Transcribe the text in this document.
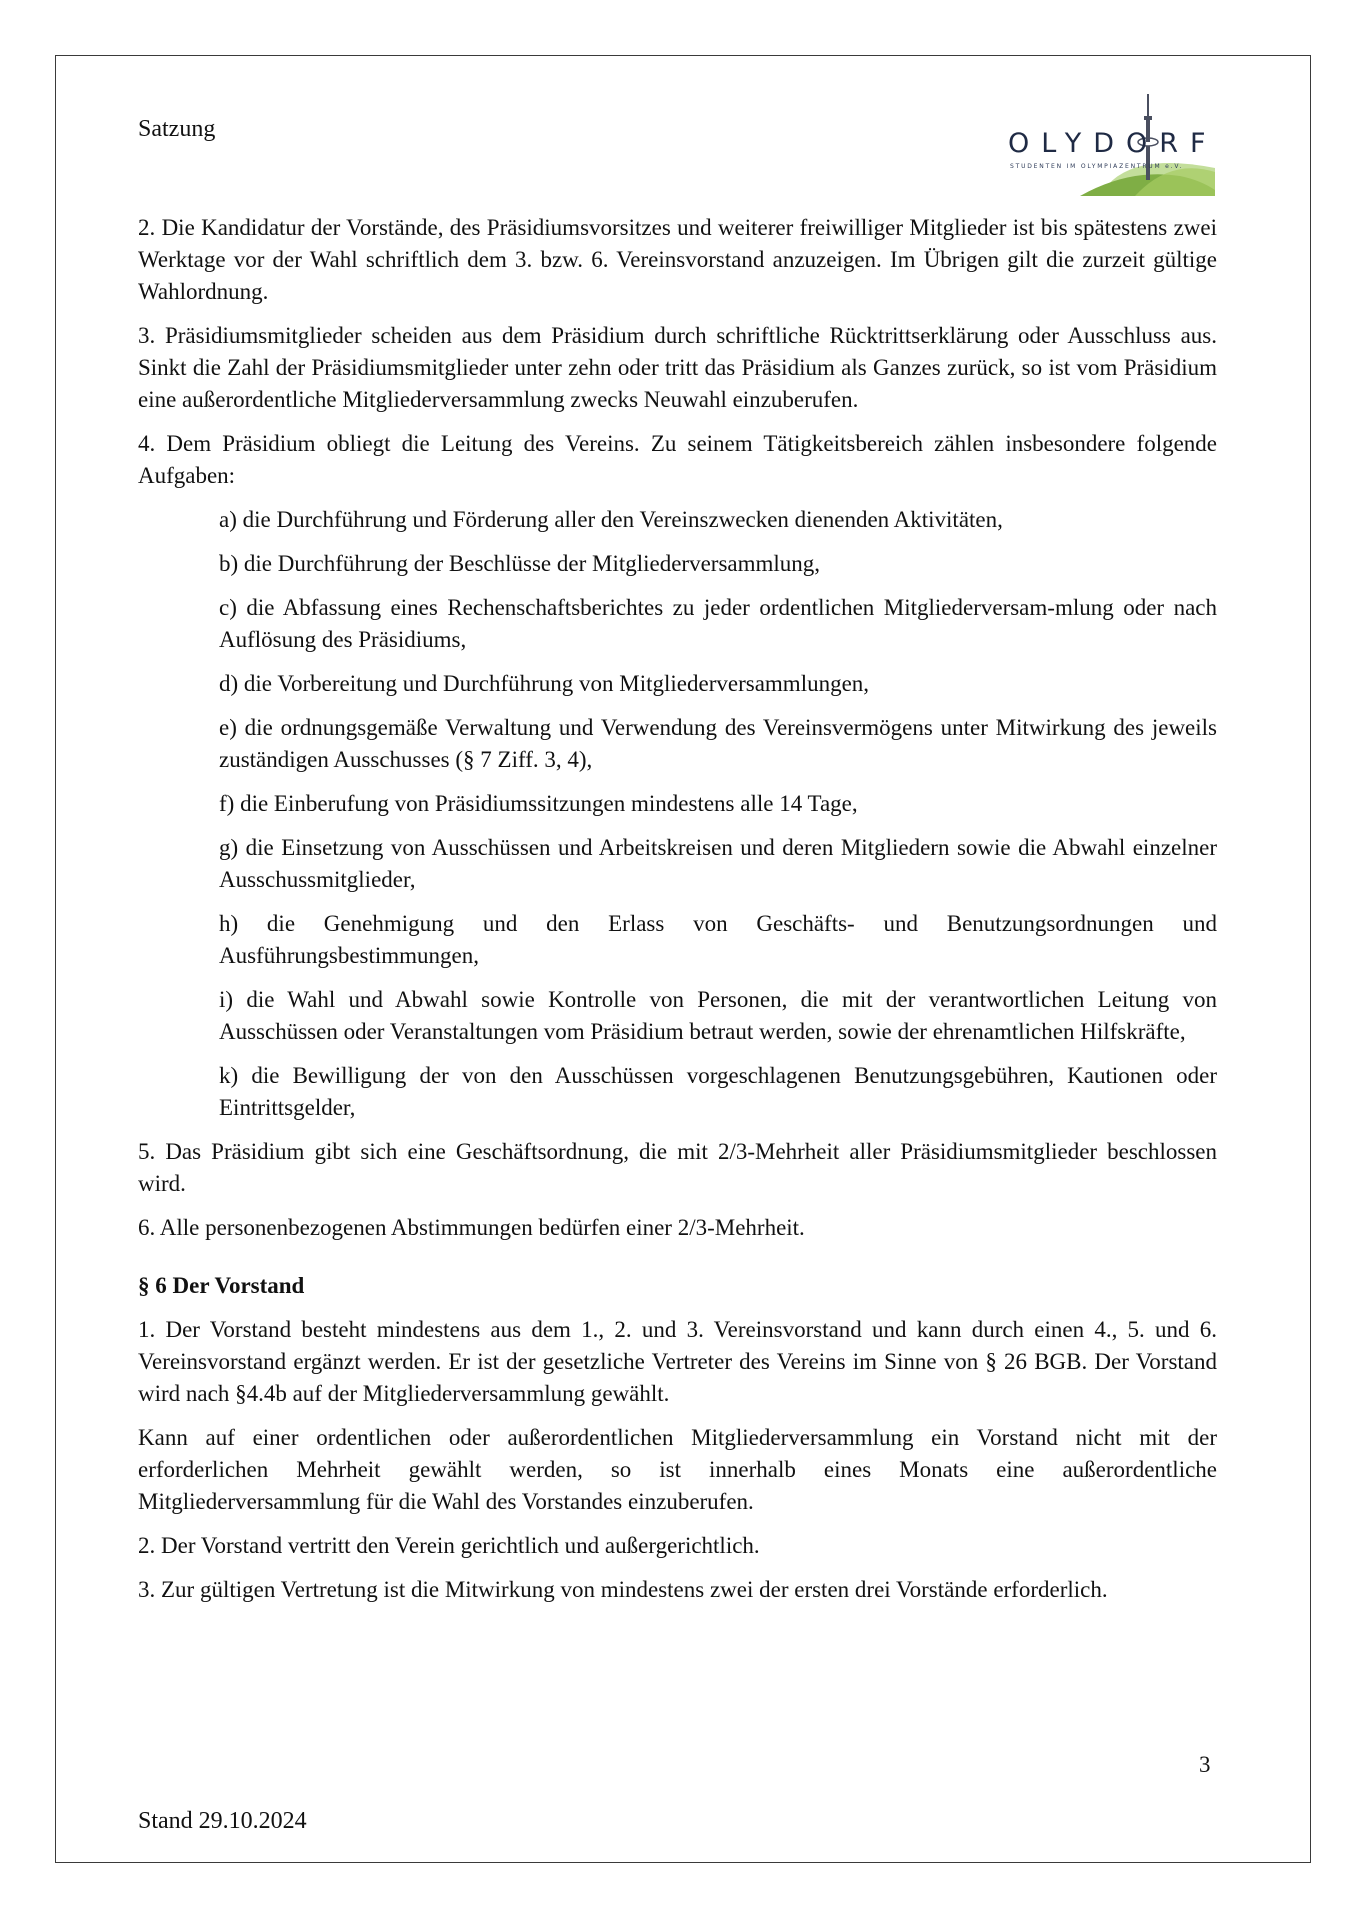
Satzung	OLYDORF
STUDENTEN IM OLYMPIAZENTRUM e.V.

2. Die Kandidatur der Vorstände, des Präsidiumsvorsitzes und weiterer freiwilliger Mitglieder ist bis spätestens zwei Werktage vor der Wahl schriftlich dem 3. bzw. 6. Vereinsvorstand anzuzeigen. Im Übrigen gilt die zurzeit gültige Wahlordnung.

3. Präsidiumsmitglieder scheiden aus dem Präsidium durch schriftliche Rücktrittserklärung oder Ausschluss aus. Sinkt die Zahl der Präsidiumsmitglieder unter zehn oder tritt das Präsidium als Ganzes zurück, so ist vom Präsidium eine außerordentliche Mitgliederversammlung zwecks Neuwahl einzuberufen.

4. Dem Präsidium obliegt die Leitung des Vereins. Zu seinem Tätigkeitsbereich zählen insbesondere folgende Aufgaben:

a) die Durchführung und Förderung aller den Vereinszwecken dienenden Aktivitäten,

b) die Durchführung der Beschlüsse der Mitgliederversammlung,

c) die Abfassung eines Rechenschaftsberichtes zu jeder ordentlichen Mitgliederversam-mlung oder nach Auflösung des Präsidiums,

d) die Vorbereitung und Durchführung von Mitgliederversammlungen,

e) die ordnungsgemäße Verwaltung und Verwendung des Vereinsvermögens unter Mitwirkung des jeweils zuständigen Ausschusses (§ 7 Ziff. 3, 4),

f) die Einberufung von Präsidiumssitzungen mindestens alle 14 Tage,

g) die Einsetzung von Ausschüssen und Arbeitskreisen und deren Mitgliedern sowie die Abwahl einzelner Ausschussmitglieder,

h) die Genehmigung und den Erlass von Geschäfts- und Benutzungsordnungen und Ausführungsbestimmungen,

i) die Wahl und Abwahl sowie Kontrolle von Personen, die mit der verantwortlichen Leitung von Ausschüssen oder Veranstaltungen vom Präsidium betraut werden, sowie der ehrenamtlichen Hilfskräfte,

k) die Bewilligung der von den Ausschüssen vorgeschlagenen Benutzungsgebühren, Kautionen oder Eintrittsgelder,

5. Das Präsidium gibt sich eine Geschäftsordnung, die mit 2/3-Mehrheit aller Präsidiumsmitglieder beschlossen wird.

6. Alle personenbezogenen Abstimmungen bedürfen einer 2/3-Mehrheit.

§ 6 Der Vorstand

1. Der Vorstand besteht mindestens aus dem 1., 2. und 3. Vereinsvorstand und kann durch einen 4., 5. und 6. Vereinsvorstand ergänzt werden. Er ist der gesetzliche Vertreter des Vereins im Sinne von § 26 BGB. Der Vorstand wird nach §4.4b auf der Mitgliederversammlung gewählt.

Kann auf einer ordentlichen oder außerordentlichen Mitgliederversammlung ein Vorstand nicht mit der erforderlichen Mehrheit gewählt werden, so ist innerhalb eines Monats eine außerordentliche Mitgliederversammlung für die Wahl des Vorstandes einzuberufen.

2. Der Vorstand vertritt den Verein gerichtlich und außergerichtlich.

3. Zur gültigen Vertretung ist die Mitwirkung von mindestens zwei der ersten drei Vorstände erforderlich.

3
Stand 29.10.2024
